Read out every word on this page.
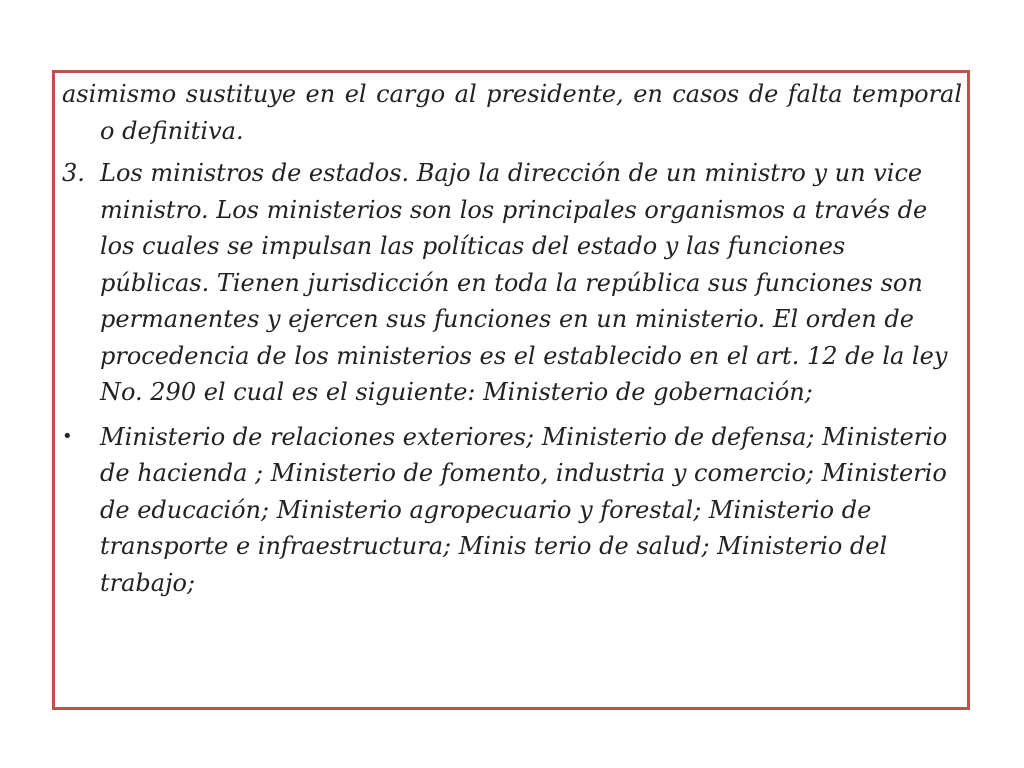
asimismo sustituye en el cargo al presidente, en casos de falta temporal o definitiva.

3. Los ministros de estados. Bajo la dirección de un ministro y un vice ministro. Los ministerios son los principales organismos a través de los cuales se impulsan las políticas del estado y las funciones públicas. Tienen jurisdicción en toda la república sus funciones son permanentes y ejercen sus funciones en un ministerio. El orden de procedencia de los ministerios es el establecido en el art. 12 de la ley No. 290 el cual es el siguiente: Ministerio de gobernación;

•	Ministerio de relaciones exteriores; Ministerio de defensa; Ministerio de hacienda ; Ministerio de fomento, industria y comercio; Ministerio de educación; Ministerio agropecuario y forestal; Ministerio de transporte e infraestructura; Minis terio de salud; Ministerio del trabajo;
